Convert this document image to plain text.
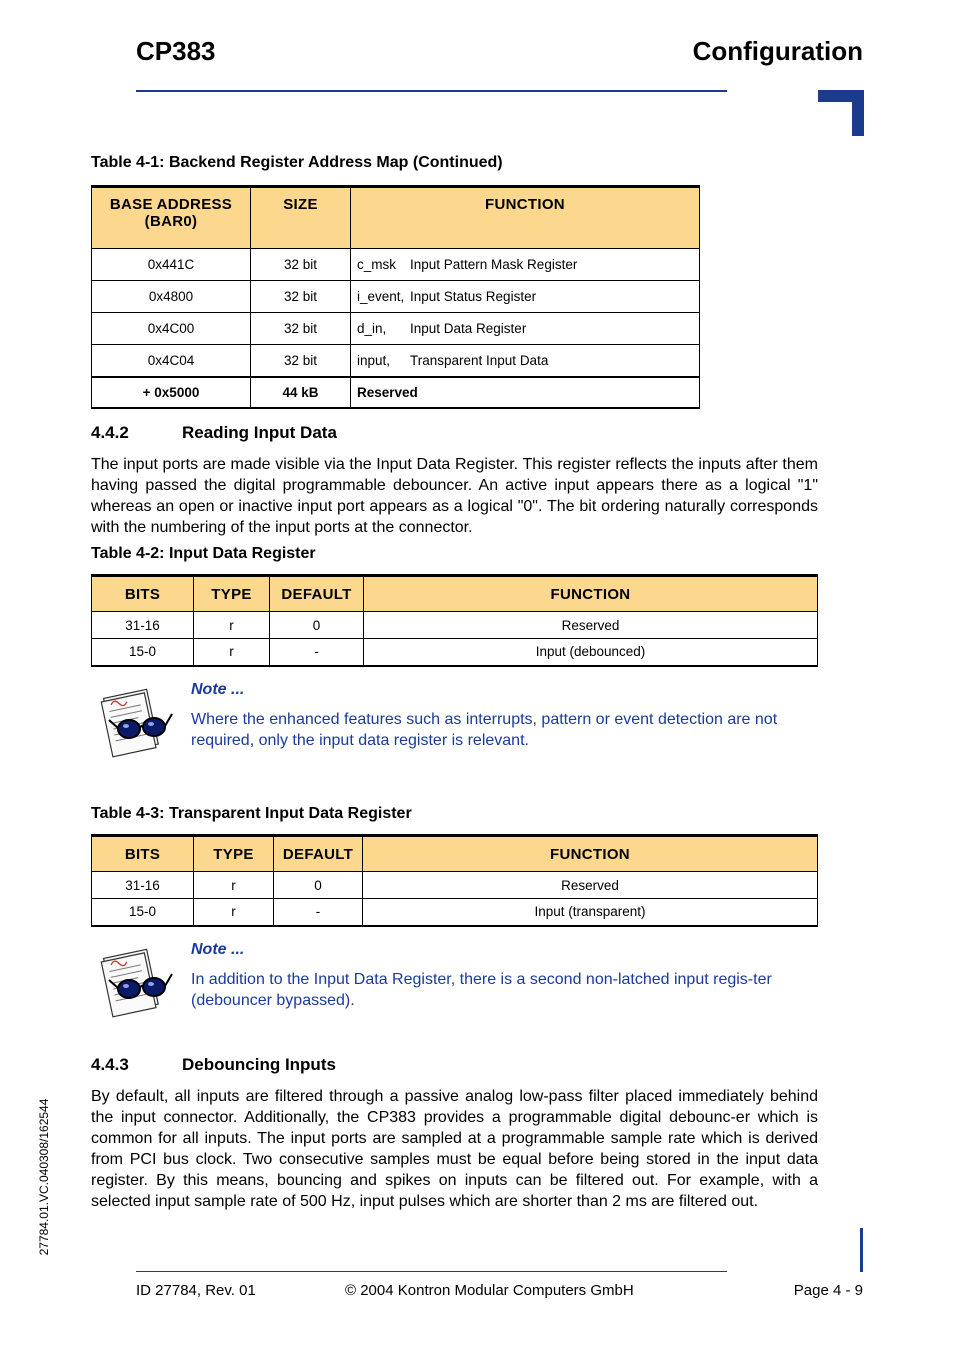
CP383	Configuration
Table 4-1: Backend Register Address Map (Continued)
BASE ADDRESS
(BAR0)	SIZE	FUNCTION
0x441C	32 bit	c_msk Input Pattern Mask Register
0x4800	32 bit	i_event, Input Status Register
0x4C00	32 bit	d_in, Input Data Register
0x4C04	32 bit	input, Transparent Input Data
+ 0x5000	44 kB	Reserved
4.4.2	Reading Input Data
The input ports are made visible via the Input Data Register. This register reflects the inputs after them having passed the digital programmable debouncer. An active input appears there as a logical "1" whereas an open or inactive input port appears as a logical "0". The bit ordering naturally corresponds with the numbering of the input ports at the connector.
Table 4-2: Input Data Register
BITS	TYPE	DEFAULT	FUNCTION
31-16	r	0	Reserved
15-0	r	-	Input (debounced)
Note ...
Where the enhanced features such as interrupts, pattern or event detection are not required, only the input data register is relevant.
Table 4-3: Transparent Input Data Register
BITS	TYPE	DEFAULT	FUNCTION
31-16	r	0	Reserved
15-0	r	-	Input (transparent)
Note ...
In addition to the Input Data Register, there is a second non-latched input regis-ter (debouncer bypassed).
4.4.3	Debouncing Inputs
By default, all inputs are filtered through a passive analog low-pass filter placed immediately behind the input connector. Additionally, the CP383 provides a programmable digital debounc-er which is common for all inputs. The input ports are sampled at a programmable sample rate which is derived from PCI bus clock. Two consecutive samples must be equal before being stored in the input data register. By this means, bouncing and spikes on inputs can be filtered out. For example, with a selected input sample rate of 500 Hz, input pulses which are shorter than 2 ms are filtered out.
27784.01.VC.040308/162544
ID 27784, Rev. 01	© 2004 Kontron Modular Computers GmbH	Page 4 - 9
